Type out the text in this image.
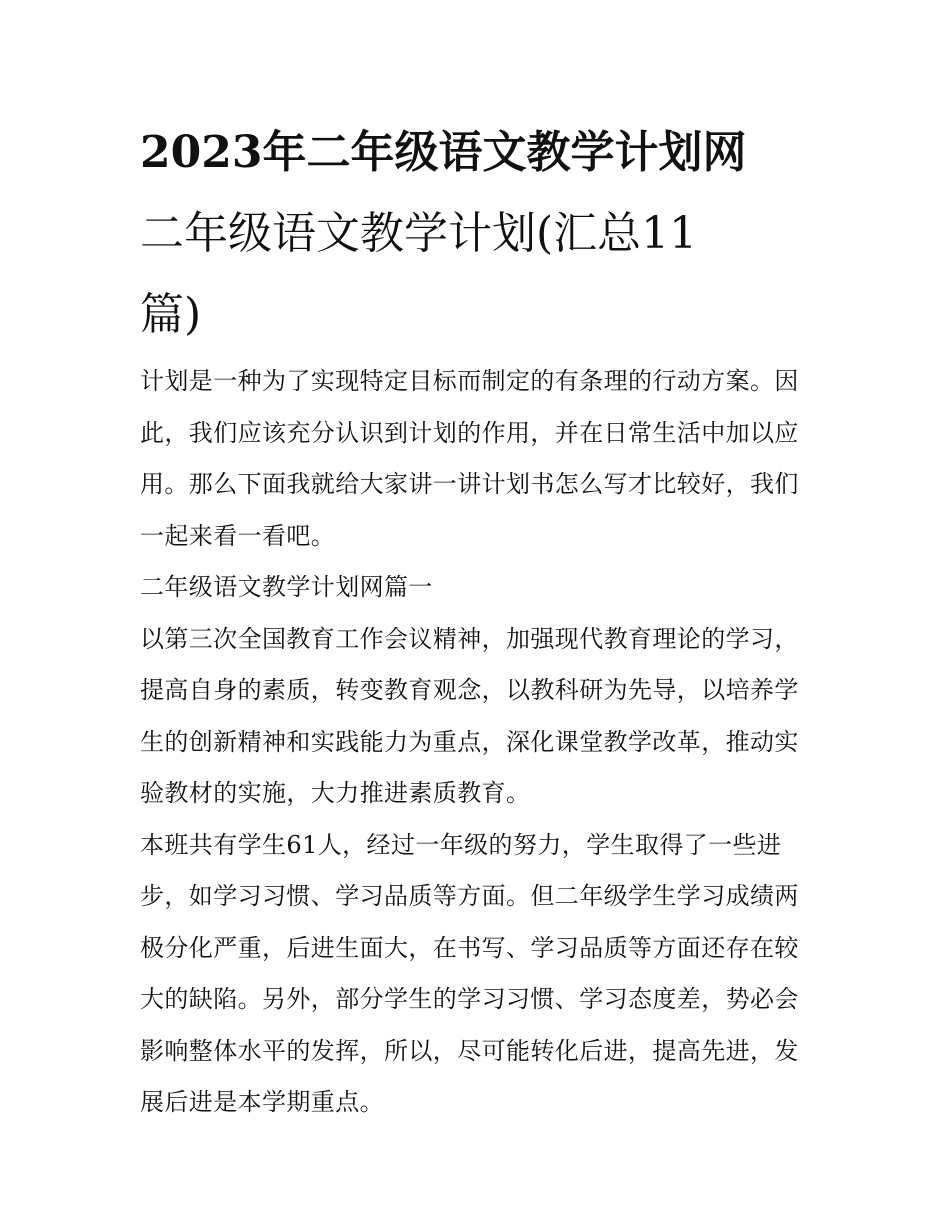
2023年二年级语文教学计划网
二年级语文教学计划(汇总11
篇)
计划是一种为了实现特定目标而制定的有条理的行动方案。因
此，我们应该充分认识到计划的作用，并在日常生活中加以应
用。那么下面我就给大家讲一讲计划书怎么写才比较好，我们
一起来看一看吧。
二年级语文教学计划网篇一
以第三次全国教育工作会议精神，加强现代教育理论的学习，
提高自身的素质，转变教育观念，以教科研为先导，以培养学
生的创新精神和实践能力为重点，深化课堂教学改革，推动实
验教材的实施，大力推进素质教育。
本班共有学生61人，经过一年级的努力，学生取得了一些进
步，如学习习惯、学习品质等方面。但二年级学生学习成绩两
极分化严重，后进生面大，在书写、学习品质等方面还存在较
大的缺陷。另外，部分学生的学习习惯、学习态度差，势必会
影响整体水平的发挥，所以，尽可能转化后进，提高先进，发
展后进是本学期重点。
